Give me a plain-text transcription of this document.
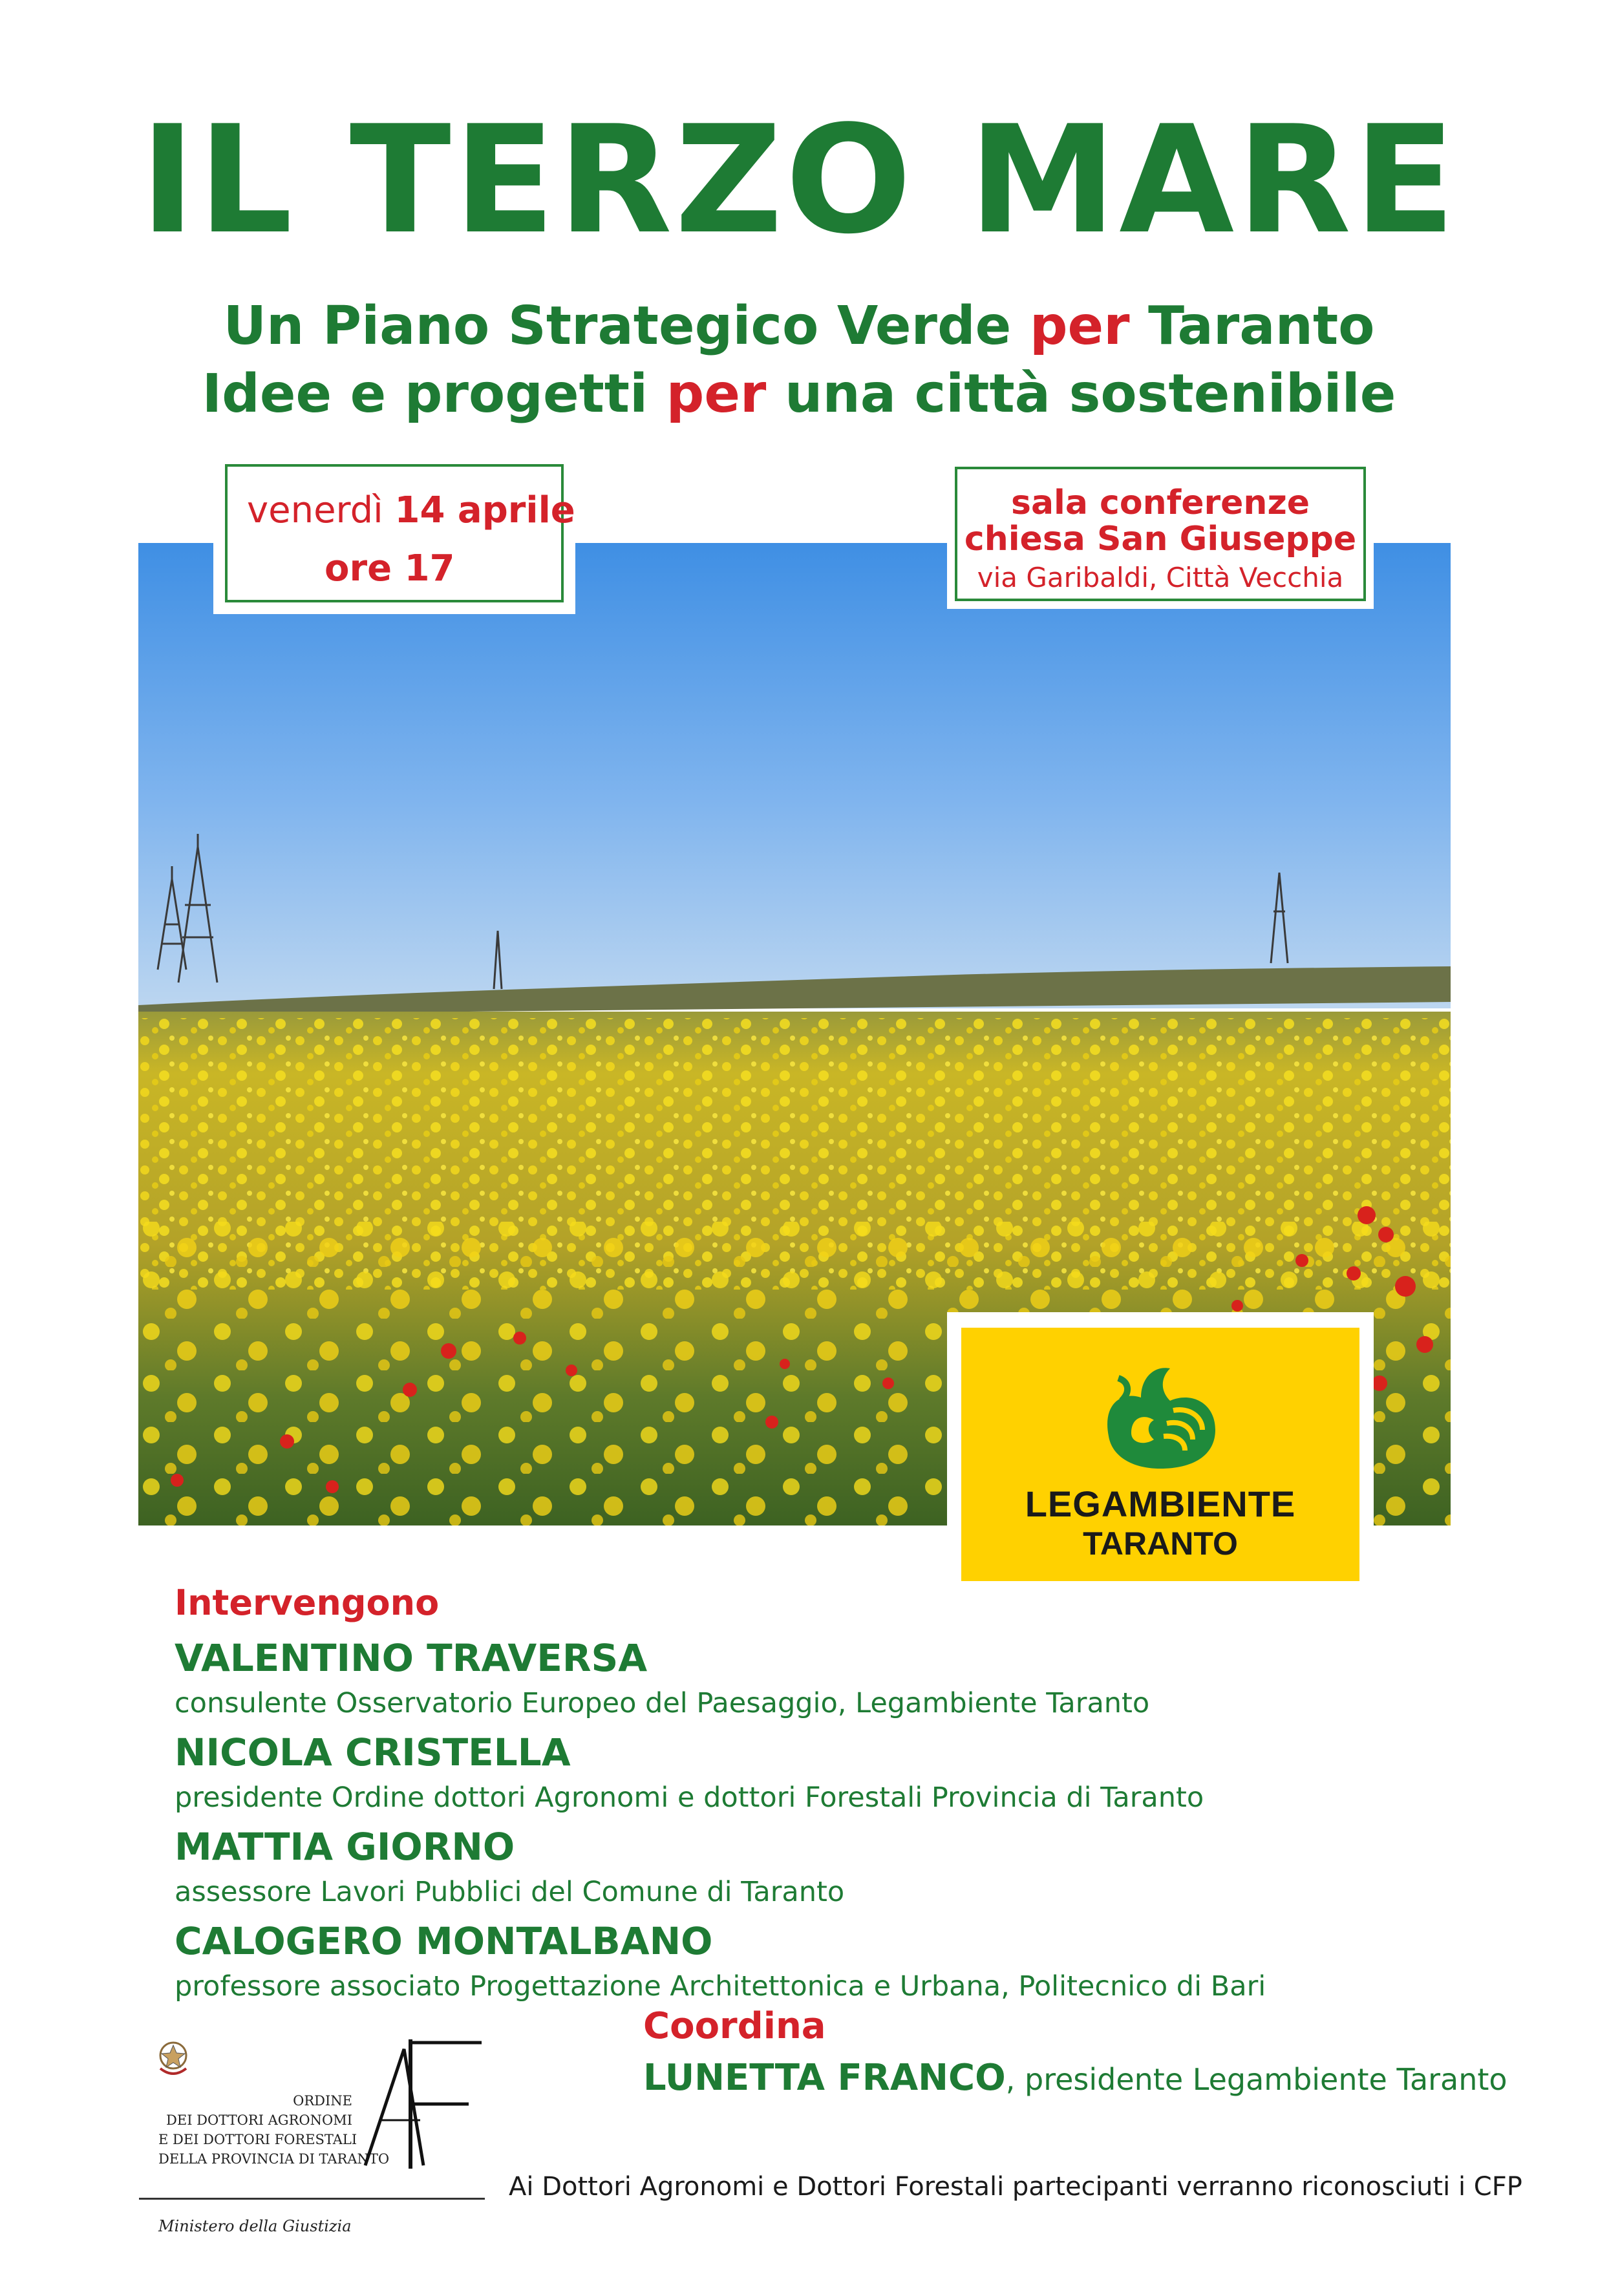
IL TERZO MARE
Un Piano Strategico Verde per Taranto
Idee e progetti per una città sostenibile
venerdì 14 aprile
ore 17
sala conferenze
chiesa San Giuseppe
via Garibaldi, Città Vecchia
LEGAMBIENTE
TARANTO
Intervengono
VALENTINO TRAVERSA
consulente Osservatorio Europeo del Paesaggio, Legambiente Taranto
NICOLA CRISTELLA
presidente Ordine dottori Agronomi e dottori Forestali Provincia di Taranto
MATTIA GIORNO
assessore Lavori Pubblici del Comune di Taranto
CALOGERO MONTALBANO
professore associato Progettazione Architettonica e Urbana, Politecnico di Bari
Coordina
LUNETTA FRANCO, presidente Legambiente Taranto
ORDINE
DEI DOTTORI AGRONOMI
E DEI DOTTORI FORESTALI
DELLA PROVINCIA DI TARANTO
Ministero della Giustizia
Ai Dottori Agronomi e Dottori Forestali partecipanti verranno riconosciuti i CFP
